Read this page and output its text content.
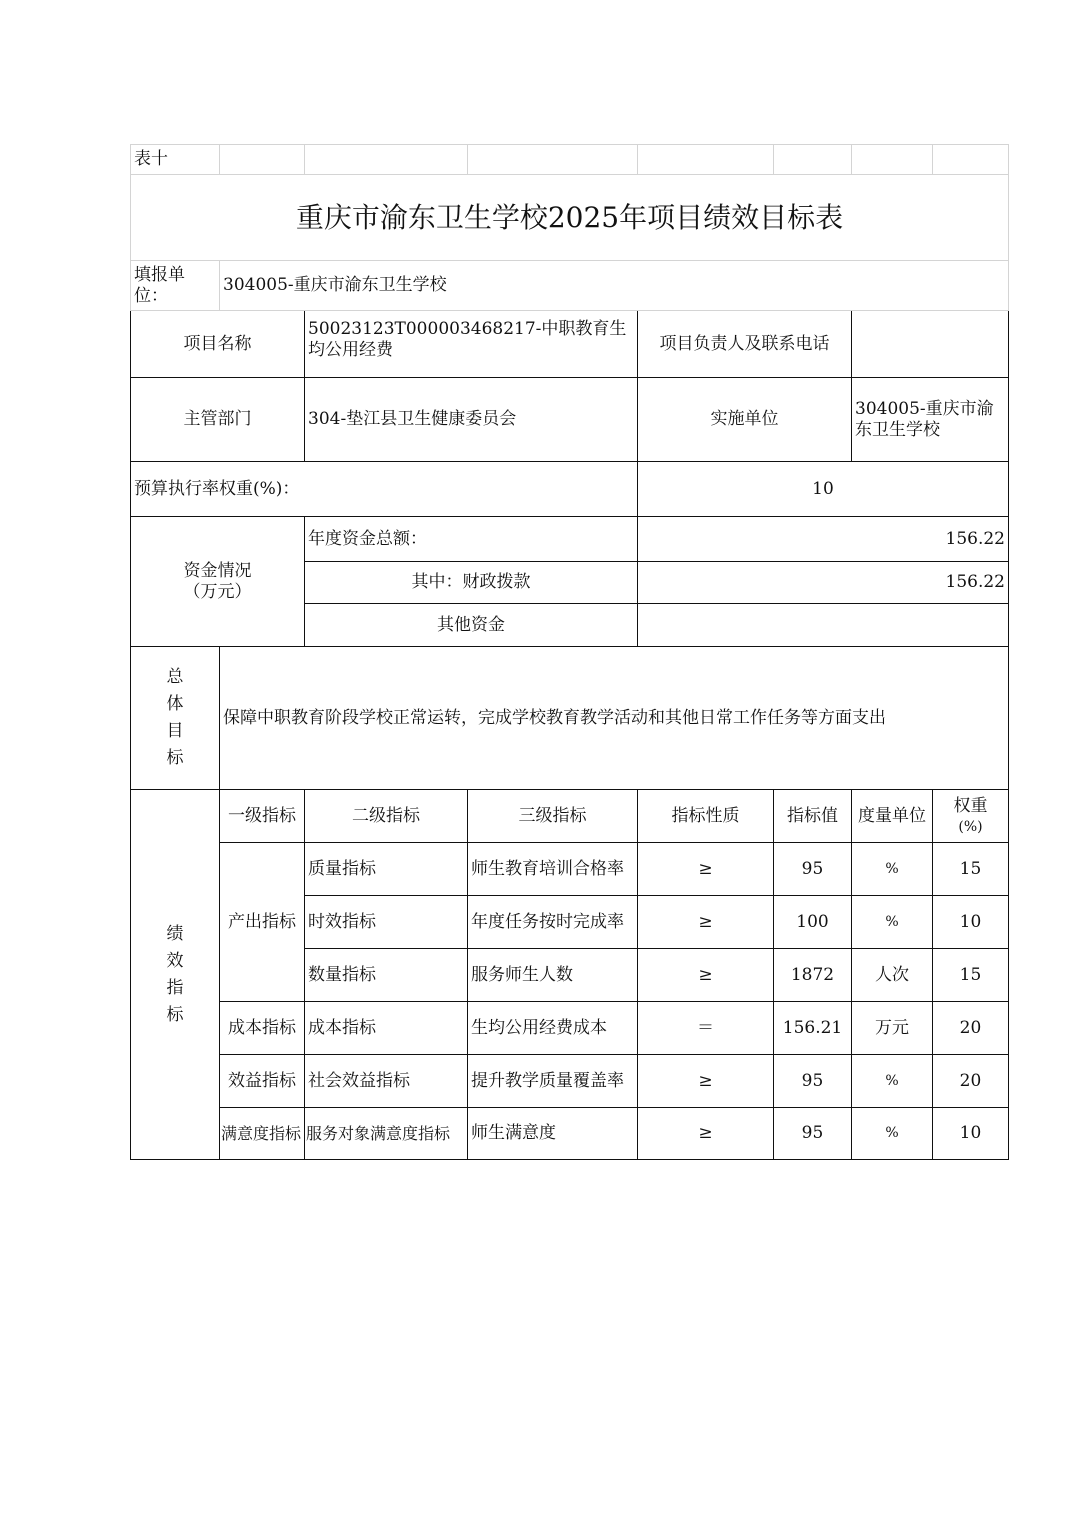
表十							
重庆市渝东卫生学校2025年项目绩效目标表							
填报单位：	304005-重庆市渝东卫生学校						
项目名称		50023123T000003468217-中职教育生均公用经费		项目负责人及联系电话			
主管部门		304-垫江县卫生健康委员会		实施单位		304005-重庆市渝东卫生学校	
预算执行率权重(%)：				10			
资金情况
（万元）		年度资金总额：		156.22			
		其中：财政拨款		156.22			
		其他资金					

总
体
目
标	保障中职教育阶段学校正常运转，完成学校教育教学活动和其他日常工作任务等方面支出						

绩
效
指
标	一级指标	二级指标	三级指标	指标性质	指标值	度量单位	权重
(%)
	产出指标	质量指标	师生教育培训合格率	≥	95	%	15
		时效指标	年度任务按时完成率	≥	100	%	10
		数量指标	服务师生人数	≥	1872	人次	15
	成本指标	成本指标	生均公用经费成本	＝	156.21	万元	20
	效益指标	社会效益指标	提升教学质量覆盖率	≥	95	%	20
	满意度指标	服务对象满意度指标	师生满意度	≥	95	%	10
